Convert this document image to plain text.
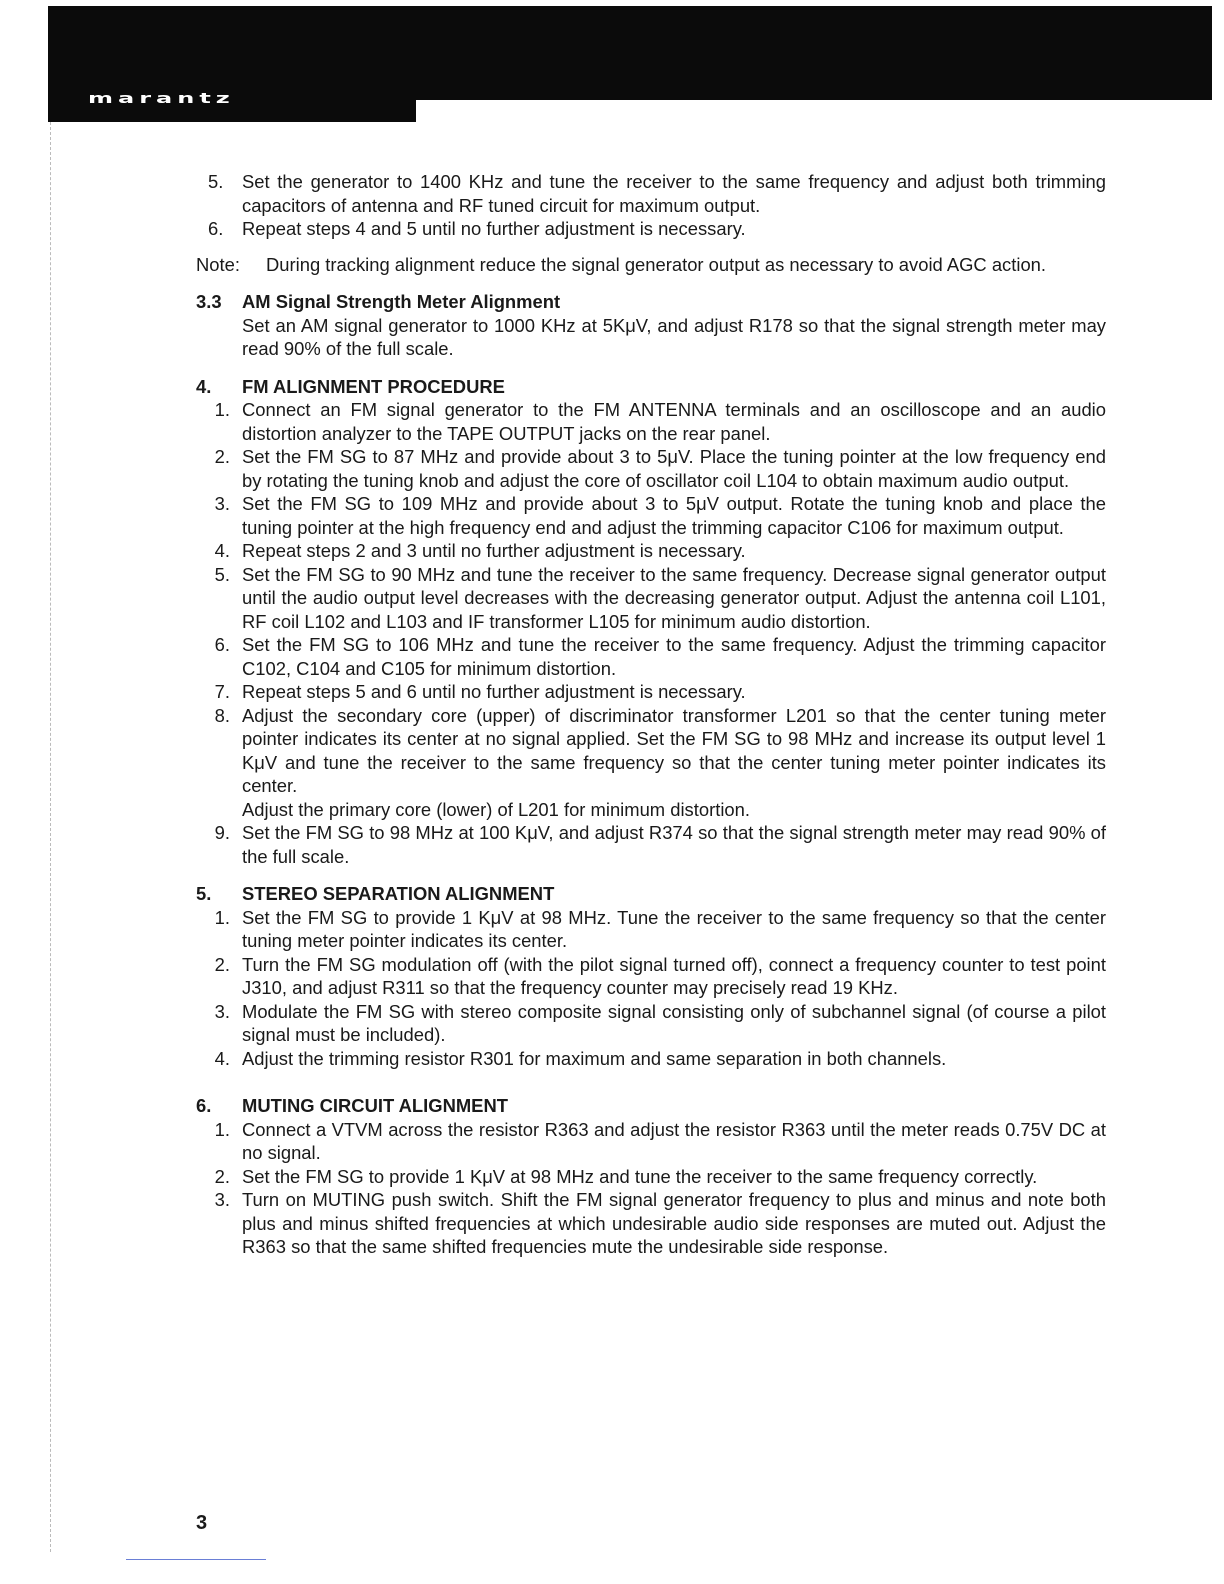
marantz
5.	Set the generator to 1400 KHz and tune the receiver to the same frequency and adjust both trimming capacitors of antenna and RF tuned circuit for maximum output.
6.	Repeat steps 4 and 5 until no further adjustment is necessary.
Note:	During tracking alignment reduce the signal generator output as necessary to avoid AGC action.
3.3	AM Signal Strength Meter Alignment
Set an AM signal generator to 1000 KHz at 5KμV, and adjust R178 so that the signal strength meter may read 90% of the full scale.
4.	FM ALIGNMENT PROCEDURE
1. Connect an FM signal generator to the FM ANTENNA terminals and an oscilloscope and an audio distortion analyzer to the TAPE OUTPUT jacks on the rear panel.
2. Set the FM SG to 87 MHz and provide about 3 to 5μV. Place the tuning pointer at the low frequency end by rotating the tuning knob and adjust the core of oscillator coil L104 to obtain maximum audio output.
3. Set the FM SG to 109 MHz and provide about 3 to 5μV output. Rotate the tuning knob and place the tuning pointer at the high frequency end and adjust the trimming capacitor C106 for maximum output.
4. Repeat steps 2 and 3 until no further adjustment is necessary.
5. Set the FM SG to 90 MHz and tune the receiver to the same frequency. Decrease signal generator output until the audio output level decreases with the decreasing generator output. Adjust the antenna coil L101, RF coil L102 and L103 and IF transformer L105 for minimum audio distortion.
6. Set the FM SG to 106 MHz and tune the receiver to the same frequency. Adjust the trimming capacitor C102, C104 and C105 for minimum distortion.
7. Repeat steps 5 and 6 until no further adjustment is necessary.
8. Adjust the secondary core (upper) of discriminator transformer L201 so that the center tuning meter pointer indicates its center at no signal applied. Set the FM SG to 98 MHz and increase its output level 1 KμV and tune the receiver to the same frequency so that the center tuning meter pointer indicates its center.
Adjust the primary core (lower) of L201 for minimum distortion.
9. Set the FM SG to 98 MHz at 100 KμV, and adjust R374 so that the signal strength meter may read 90% of the full scale.
5.	STEREO SEPARATION ALIGNMENT
1. Set the FM SG to provide 1 KμV at 98 MHz. Tune the receiver to the same frequency so that the center tuning meter pointer indicates its center.
2. Turn the FM SG modulation off (with the pilot signal turned off), connect a frequency counter to test point J310, and adjust R311 so that the frequency counter may precisely read 19 KHz.
3. Modulate the FM SG with stereo composite signal consisting only of subchannel signal (of course a pilot signal must be included).
4. Adjust the trimming resistor R301 for maximum and same separation in both channels.
6.	MUTING CIRCUIT ALIGNMENT
1. Connect a VTVM across the resistor R363 and adjust the resistor R363 until the meter reads 0.75V DC at no signal.
2. Set the FM SG to provide 1 KμV at 98 MHz and tune the receiver to the same frequency correctly.
3. Turn on MUTING push switch. Shift the FM signal generator frequency to plus and minus and note both plus and minus shifted frequencies at which undesirable audio side responses are muted out. Adjust the R363 so that the same shifted frequencies mute the undesirable side response.
3
